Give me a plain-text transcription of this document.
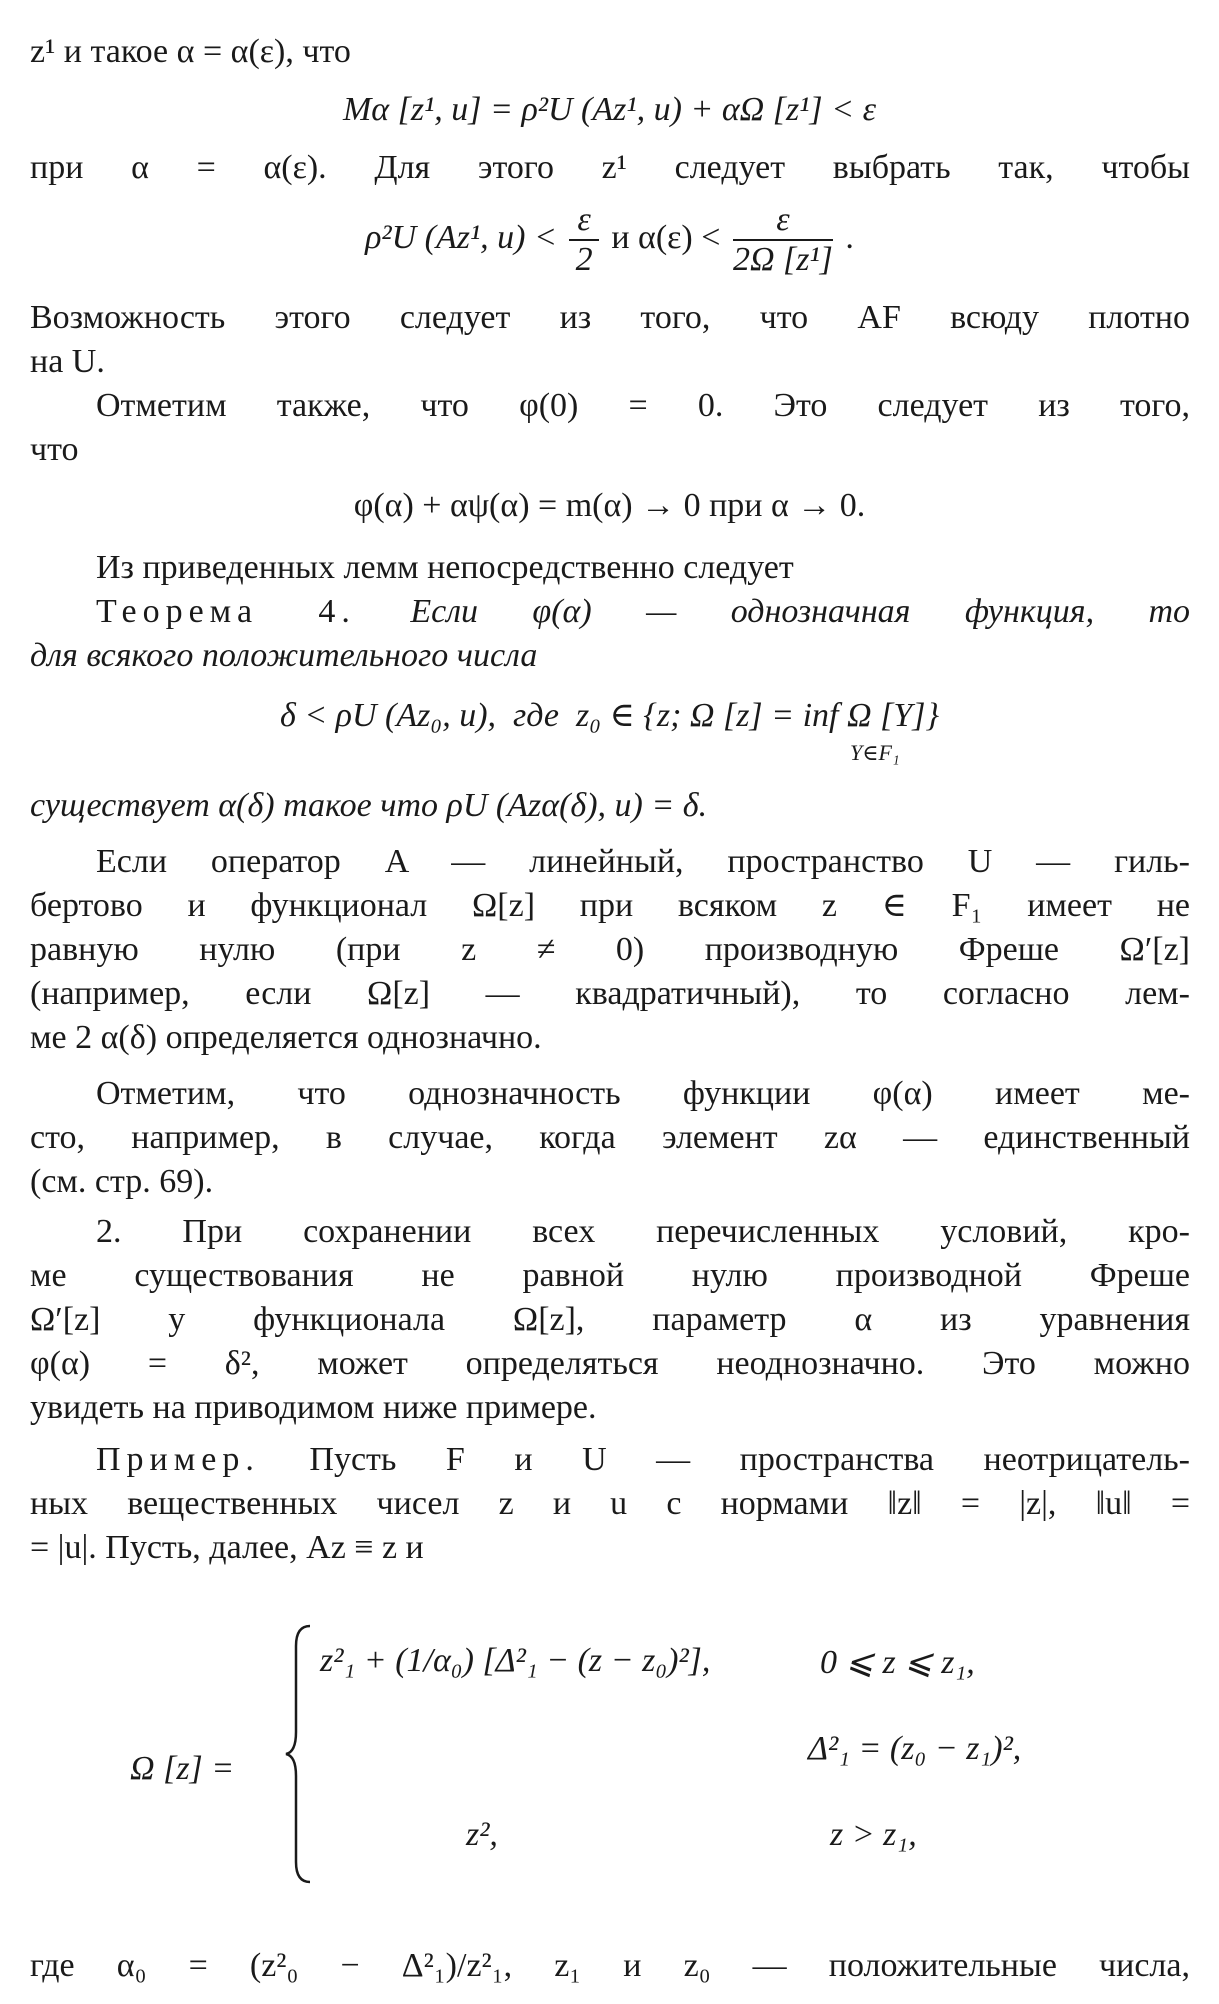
z¹ и такое α = α(ε), что
Mα [z¹, u] = ρ²U (Az¹, u) + αΩ [z¹] < ε
при α = α(ε). Для этого z¹ следует выбрать так, чтобы
ρ²U (Az¹, $u) < \frac{\varepsilon}{2}$ и $\alpha(\varepsilon) < \frac{\varepsilon}{\text{2Ω [z¹]}}$ .
Возможность этого следует из того, что AF всюду плотно
на U.
Отметим также, что φ(0) = 0. Это следует из того,
что
φ(α) + αψ(α) = m(α) → 0 при α → 0.
Из приведенных лемм непосредственно следует
Теорема 4. Если φ(α) — однозначная функция, то
для всякого положительного числа
δ < ρU (Az₀, u), где z₀ ∈ {z; Ω [z] = inf Ω [Y]}
Y∈F₁
существует α(δ) такое что ρU (Azα(δ), u) = δ.
Если оператор A — линейный, пространство U — гиль-
бертово и функционал Ω[z] при всяком z ∈ F₁ имеет не
равную нулю (при z ≠ 0) производную Фреше Ω′[z]
(например, если Ω[z] — квадратичный), то согласно лем-
ме 2 α(δ) определяется однозначно.
Отметим, что однозначность функции φ(α) имеет ме-
сто, например, в случае, когда элемент zα — единственный
(см. стр. 69).
2. При сохранении всех перечисленных условий, кро-
ме существования не равной нулю производной Фреше
Ω′[z] у функционала Ω[z], параметр α из уравнения
φ(α) = δ², может определяться неоднозначно. Это можно
увидеть на приводимом ниже примере.
Пример. Пусть F и U — пространства неотрицатель-
ных вещественных чисел z и u с нормами ‖z‖ = |z|, ‖u‖ =
= |u|. Пусть, далее, Az ≡ z и
Ω [z] =
z²₁ + (1/α₀) [Δ²₁ − (z − z₀)²],	0 ⩽ z ⩽ z₁,
Δ²₁ = (z₀ − z₁)²,
z²,	z > z₁,
где α₀ = (z²₀ − Δ²₁)/z²₁, z₁ и z₀ — положительные числа,
